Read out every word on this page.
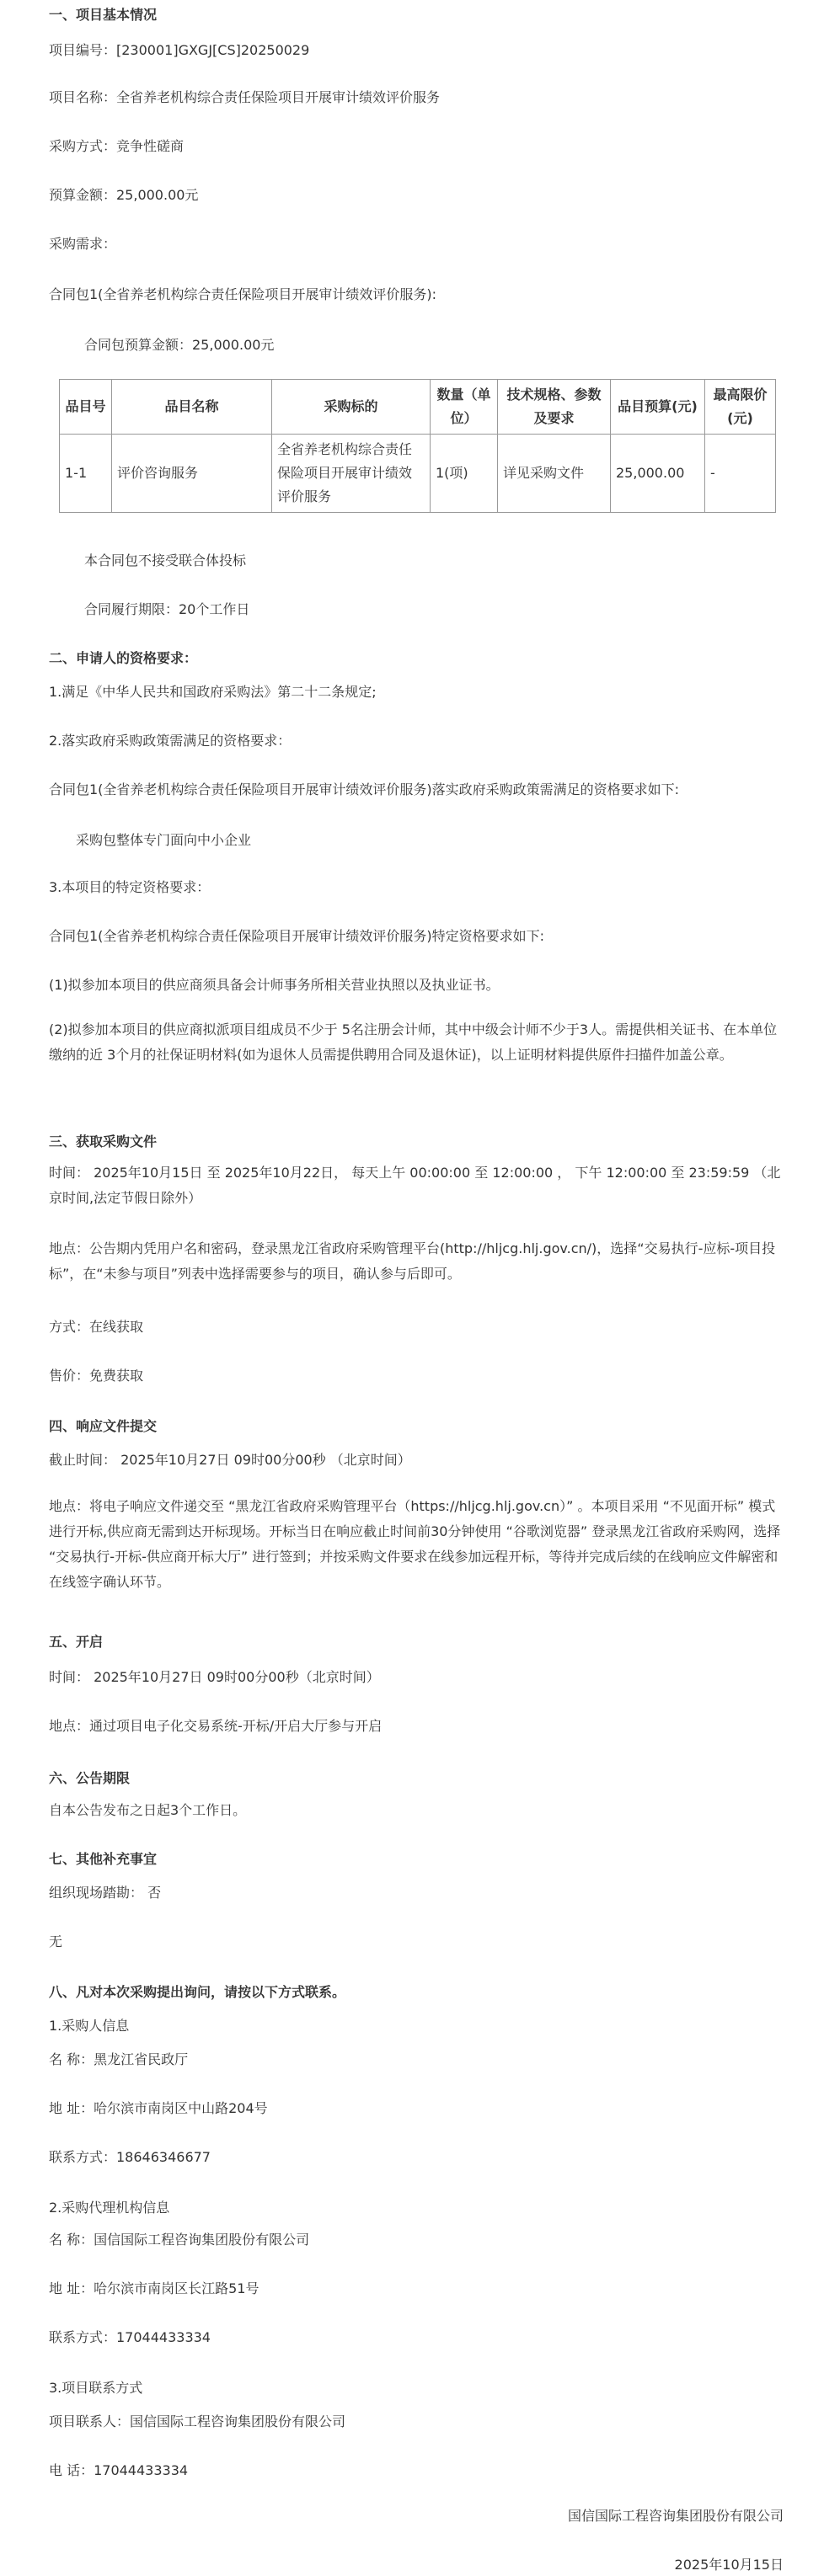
一、项目基本情况

项目编号：[230001]GXGJ[CS]20250029

项目名称：全省养老机构综合责任保险项目开展审计绩效评价服务

采购方式：竞争性磋商

预算金额：25,000.00元

采购需求：

合同包1(全省养老机构综合责任保险项目开展审计绩效评价服务):

合同包预算金额：25,000.00元

品目号	品目名称	采购标的	数量（单位）	技术规格、参数及要求	品目预算(元)	最高限价(元)
1-1	评价咨询服务	全省养老机构综合责任保险项目开展审计绩效评价服务	1(项)	详见采购文件	25,000.00	-

本合同包不接受联合体投标

合同履行期限：20个工作日

二、申请人的资格要求：

1.满足《中华人民共和国政府采购法》第二十二条规定;

2.落实政府采购政策需满足的资格要求：

合同包1(全省养老机构综合责任保险项目开展审计绩效评价服务)落实政府采购政策需满足的资格要求如下:

采购包整体专门面向中小企业

3.本项目的特定资格要求：

合同包1(全省养老机构综合责任保险项目开展审计绩效评价服务)特定资格要求如下:

(1)拟参加本项目的供应商须具备会计师事务所相关营业执照以及执业证书。

(2)拟参加本项目的供应商拟派项目组成员不少于 5名注册会计师，其中中级会计师不少于3人。需提供相关证书、在本单位缴纳的近 3个月的社保证明材料(如为退休人员需提供聘用合同及退休证)，以上证明材料提供原件扫描件加盖公章。

三、获取采购文件

时间： 2025年10月15日 至 2025年10月22日， 每天上午 00:00:00 至 12:00:00 ， 下午 12:00:00 至 23:59:59 （北京时间,法定节假日除外）

地点：公告期内凭用户名和密码，登录黑龙江省政府采购管理平台(http://hljcg.hlj.gov.cn/)，选择“交易执行-应标-项目投标”，在“未参与项目”列表中选择需要参与的项目，确认参与后即可。

方式：在线获取

售价：免费获取

四、响应文件提交

截止时间： 2025年10月27日 09时00分00秒 （北京时间）

地点：将电子响应文件递交至 “黑龙江省政府采购管理平台（https://hljcg.hlj.gov.cn）” 。本项目采用 “不见面开标” 模式进行开标,供应商无需到达开标现场。开标当日在响应截止时间前30分钟使用 “谷歌浏览器” 登录黑龙江省政府采购网，选择 “交易执行-开标-供应商开标大厅” 进行签到；并按采购文件要求在线参加远程开标，等待并完成后续的在线响应文件解密和在线签字确认环节。

五、开启

时间： 2025年10月27日 09时00分00秒（北京时间）

地点：通过项目电子化交易系统-开标/开启大厅参与开启

六、公告期限

自本公告发布之日起3个工作日。

七、其他补充事宜

组织现场踏勘： 否

无

八、凡对本次采购提出询问，请按以下方式联系。

1.采购人信息

名 称：黑龙江省民政厅

地 址：哈尔滨市南岗区中山路204号

联系方式：18646346677

2.采购代理机构信息

名 称：国信国际工程咨询集团股份有限公司

地 址：哈尔滨市南岗区长江路51号

联系方式：17044433334

3.项目联系方式

项目联系人：国信国际工程咨询集团股份有限公司

电 话：17044433334

国信国际工程咨询集团股份有限公司

2025年10月15日
